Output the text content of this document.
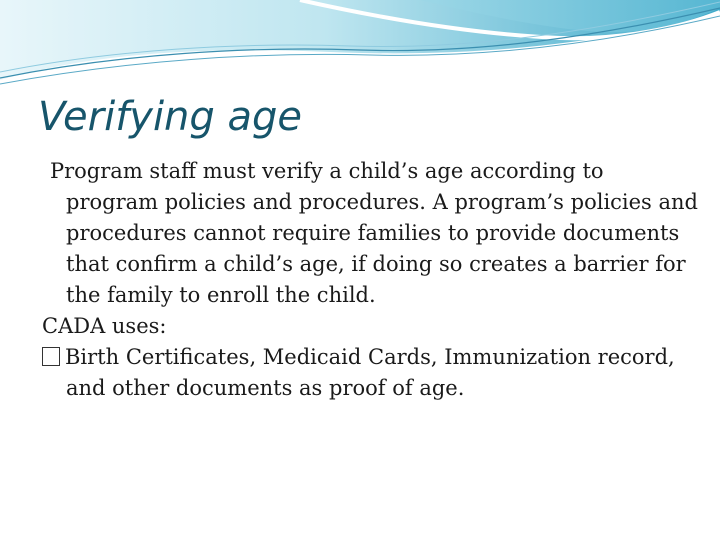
Verifying age

Program staff must verify a child’s age according to program policies and procedures. A program’s policies and procedures cannot require families to provide documents that confirm a child’s age, if doing so creates a barrier for the family to enroll the child.

CADA uses:

Birth Certificates, Medicaid Cards, Immunization record, and other documents as proof of age.
